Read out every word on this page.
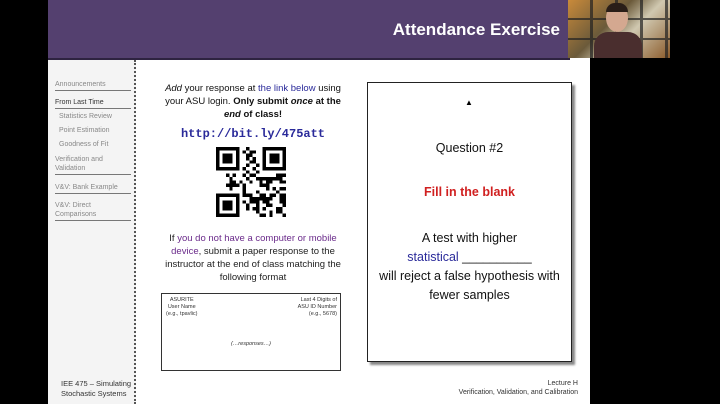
Attendance Exercise
Announcements
From Last Time
Statistics Review
Point Estimation
Goodness of Fit
Verification and Validation
V&V: Bank Example
V&V: Direct Comparisons
IEE 475 – Simulating
Stochastic Systems
Add your response at the link below using your ASU login. Only submit once at the end of class!
http://bit.ly/475att
If you do not have a computer or mobile device, submit a paper response to the instructor at the end of class matching the following format
ASURITE
User Name
(e.g., tpavlic)
Last 4 Digits of
ASU ID Number
(e.g., 5678)
(…responses…)
Question #2
Fill in the blank
A test with higher
statistical __________
will reject a false hypothesis with
fewer samples
▲
Lecture H
Verification, Validation, and Calibration
